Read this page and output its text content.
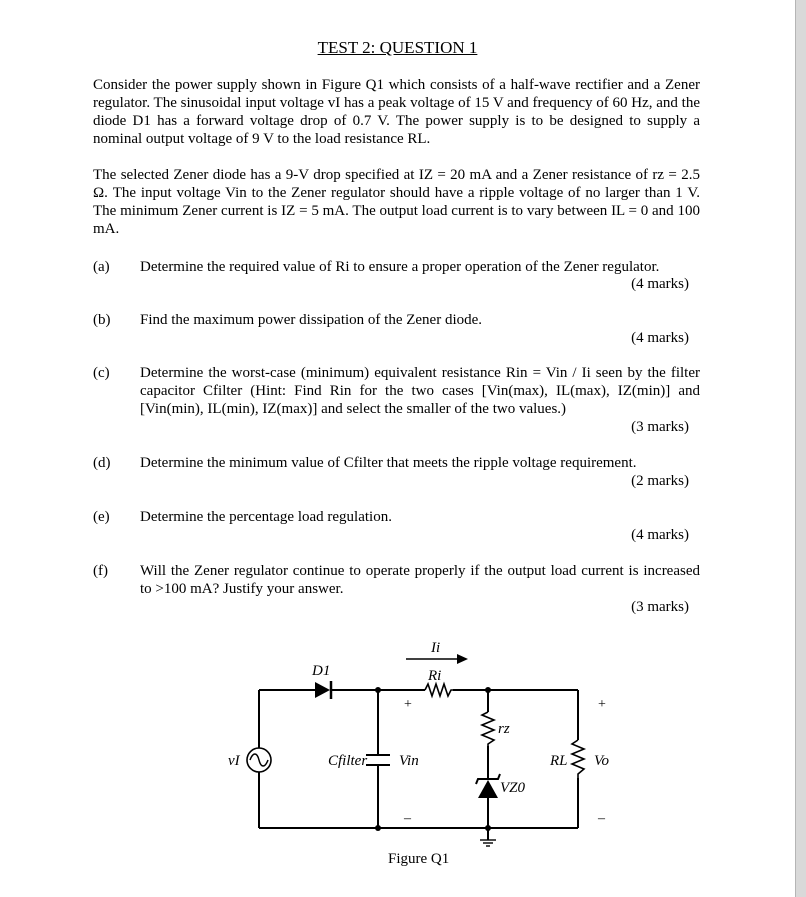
TEST 2: QUESTION 1
Consider the power supply shown in Figure Q1 which consists of a half-wave rectifier and a Zener regulator. The sinusoidal input voltage vI has a peak voltage of 15 V and frequency of 60 Hz, and the diode D1 has a forward voltage drop of 0.7 V. The power supply is to be designed to supply a nominal output voltage of 9 V to the load resistance RL.
The selected Zener diode has a 9-V drop specified at IZ = 20 mA and a Zener resistance of rz = 2.5 Ω. The input voltage Vin to the Zener regulator should have a ripple voltage of no larger than 1 V. The minimum Zener current is IZ = 5 mA. The output load current is to vary between IL = 0 and 100 mA.
(a) Determine the required value of Ri to ensure a proper operation of the Zener regulator.
(4 marks)
(b) Find the maximum power dissipation of the Zener diode.
(4 marks)
(c) Determine the worst-case (minimum) equivalent resistance Rin = Vin / Ii seen by the filter capacitor Cfilter (Hint: Find Rin for the two cases [Vin(max), IL(max), IZ(min)] and [Vin(min), IL(min), IZ(max)] and select the smaller of the two values.)
(3 marks)
(d) Determine the minimum value of Cfilter that meets the ripple voltage requirement.
(2 marks)
(e) Determine the percentage load regulation.
(4 marks)
(f) Will the Zener regulator continue to operate properly if the output load current is increased to >100 mA? Justify your answer.
(3 marks)
Ii
D1	Ri
rz
vI	Cfilter Vin
VZ0
RL Vo
+
–
+
–
Figure Q1
